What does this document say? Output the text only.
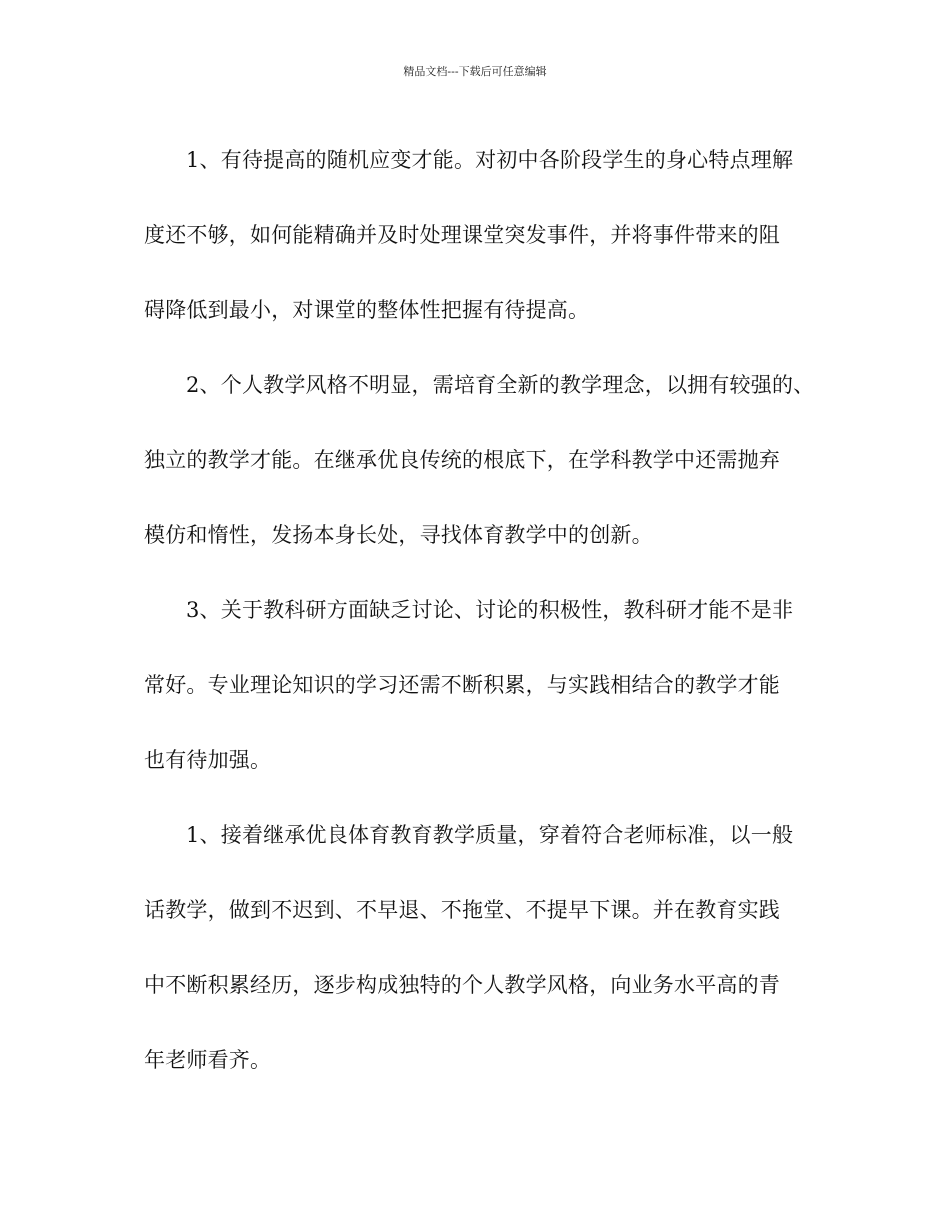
精品文档---下载后可任意编辑
1、有待提高的随机应变才能。对初中各阶段学生的身心特点理解
度还不够，如何能精确并及时处理课堂突发事件，并将事件带来的阻
碍降低到最小，对课堂的整体性把握有待提高。
2、个人教学风格不明显，需培育全新的教学理念，以拥有较强的、
独立的教学才能。在继承优良传统的根底下，在学科教学中还需抛弃
模仿和惰性，发扬本身长处，寻找体育教学中的创新。
3、关于教科研方面缺乏讨论、讨论的积极性，教科研才能不是非
常好。专业理论知识的学习还需不断积累，与实践相结合的教学才能
也有待加强。
1、接着继承优良体育教育教学质量，穿着符合老师标准，以一般
话教学，做到不迟到、不早退、不拖堂、不提早下课。并在教育实践
中不断积累经历，逐步构成独特的个人教学风格，向业务水平高的青
年老师看齐。
